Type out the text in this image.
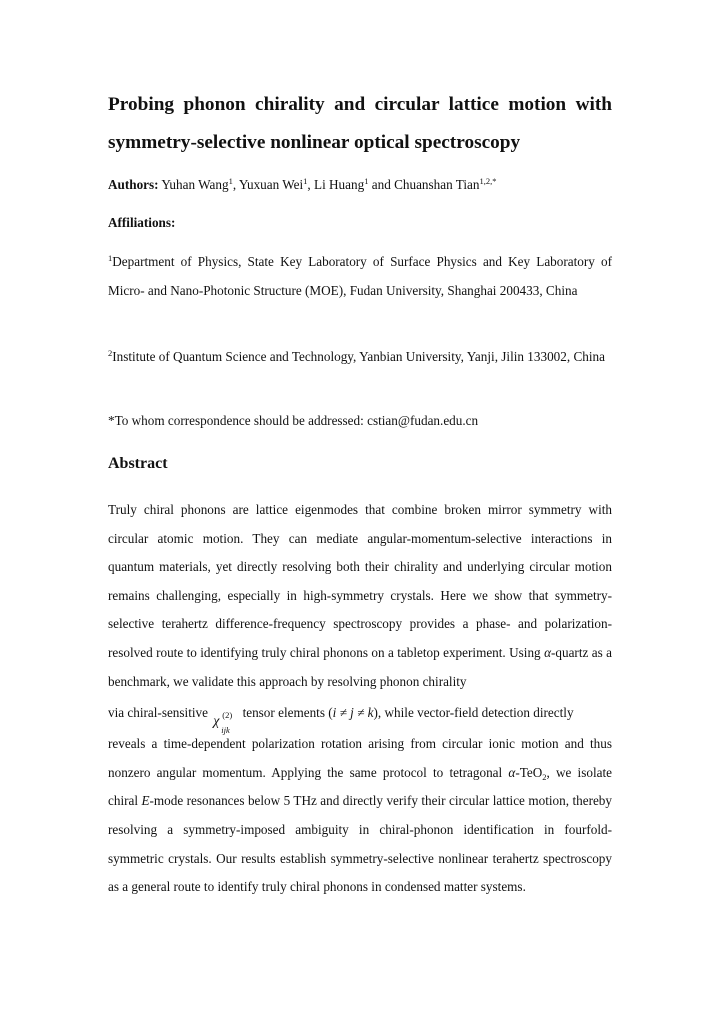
Probing phonon chirality and circular lattice motion with
symmetry-selective nonlinear optical spectroscopy
Authors: Yuhan Wang$^1$, Yuxuan Wei$^1$, Li Huang$^1$ and Chuanshan Tian$^{1,2,*}$
Affiliations:

$^1$Department of Physics, State Key Laboratory of Surface Physics and Key Laboratory of Micro- and Nano-Photonic Structure (MOE), Fudan University, Shanghai 200433, China

$^2$Institute of Quantum Science and Technology, Yanbian University, Yanji, Jilin 133002, China

*To whom correspondence should be addressed: cstian@fudan.edu.cn
Abstract

Truly chiral phonons are lattice eigenmodes that combine broken mirror symmetry with circular atomic motion. They can mediate angular-momentum-selective interactions in quantum materials, yet directly resolving both their chirality and underlying circular motion remains challenging, especially in high-symmetry crystals. Here we show that symmetry-selective terahertz difference-frequency spectroscopy provides a phase- and polarization-resolved route to identifying truly chiral phonons on a tabletop experiment. Using α-quartz as a benchmark, we validate this approach by resolving phonon chirality
via chiral-sensitive
χ (2)
ijk
tensor elements (i ≠ j ≠ k), while vector-field detection directly
reveals a time-dependent polarization rotation arising from circular ionic motion and thus nonzero angular momentum. Applying the same protocol to tetragonal α-TeO$_2$, we isolate chiral E-mode resonances below 5 THz and directly verify their circular lattice motion, thereby resolving a symmetry-imposed ambiguity in chiral-phonon identification in fourfold-symmetric crystals. Our results establish symmetry-selective nonlinear terahertz spectroscopy as a general route to identify truly chiral phonons in condensed matter systems.
